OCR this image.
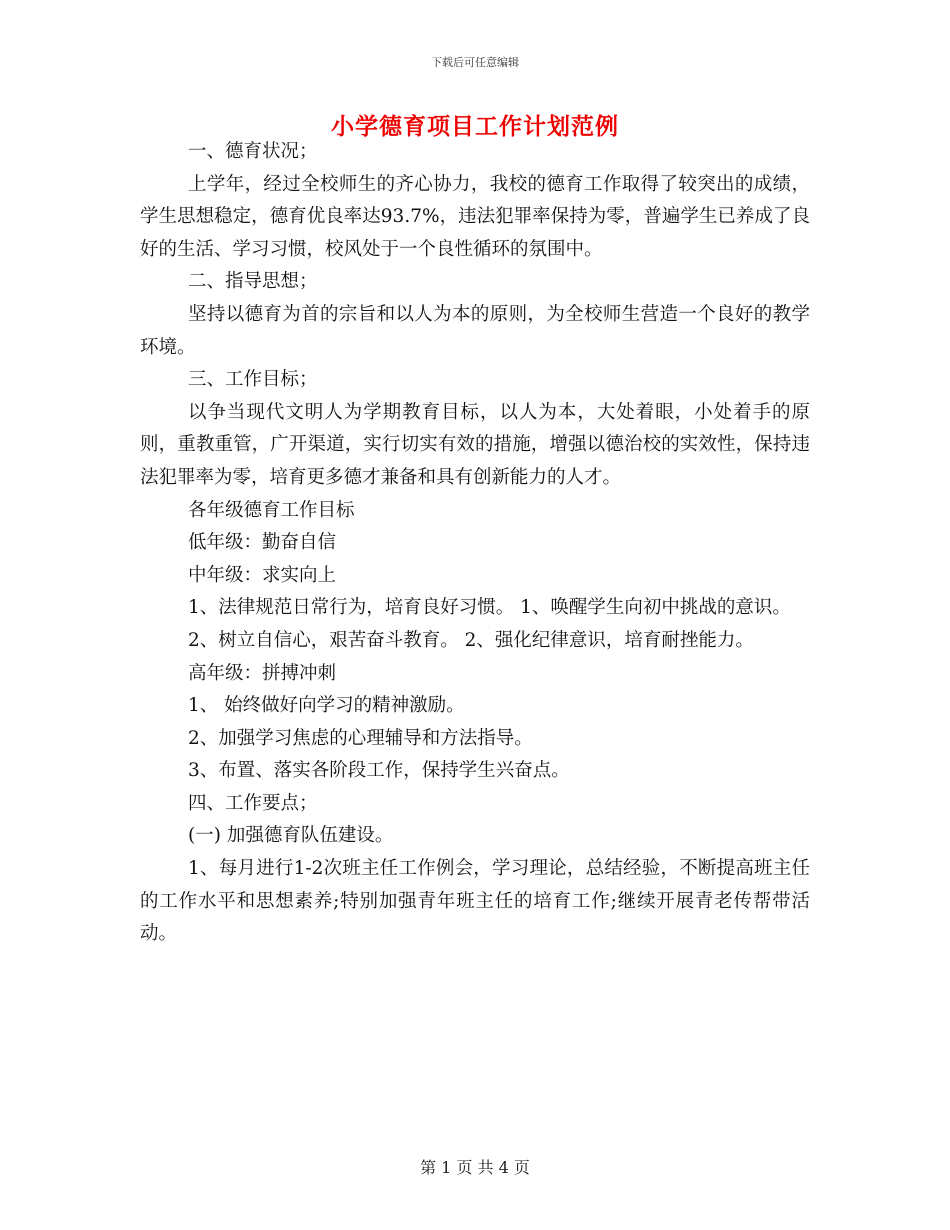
下载后可任意编辑
小学德育项目工作计划范例

一、德育状况；

上学年，经过全校师生的齐心协力，我校的德育工作取得了较突出的成绩，学生思想稳定，德育优良率达93.7%，违法犯罪率保持为零，普遍学生已养成了良好的生活、学习习惯，校风处于一个良性循环的氛围中。

二、指导思想；

坚持以德育为首的宗旨和以人为本的原则，为全校师生营造一个良好的教学环境。

三、工作目标；

以争当现代文明人为学期教育目标，以人为本，大处着眼，小处着手的原则，重教重管，广开渠道，实行切实有效的措施，增强以德治校的实效性，保持违法犯罪率为零，培育更多德才兼备和具有创新能力的人才。

各年级德育工作目标

低年级：勤奋自信

中年级：求实向上

1、法律规范日常行为，培育良好习惯。 1、唤醒学生向初中挑战的意识。

2、树立自信心，艰苦奋斗教育。 2、强化纪律意识，培育耐挫能力。

高年级：拼搏冲刺

1、 始终做好向学习的精神激励。

2、加强学习焦虑的心理辅导和方法指导。

3、布置、落实各阶段工作，保持学生兴奋点。

四、工作要点；

(一) 加强德育队伍建设。

1、每月进行1-2次班主任工作例会，学习理论，总结经验，不断提高班主任的工作水平和思想素养;特别加强青年班主任的培育工作;继续开展青老传帮带活动。

第 1 页 共 4 页
